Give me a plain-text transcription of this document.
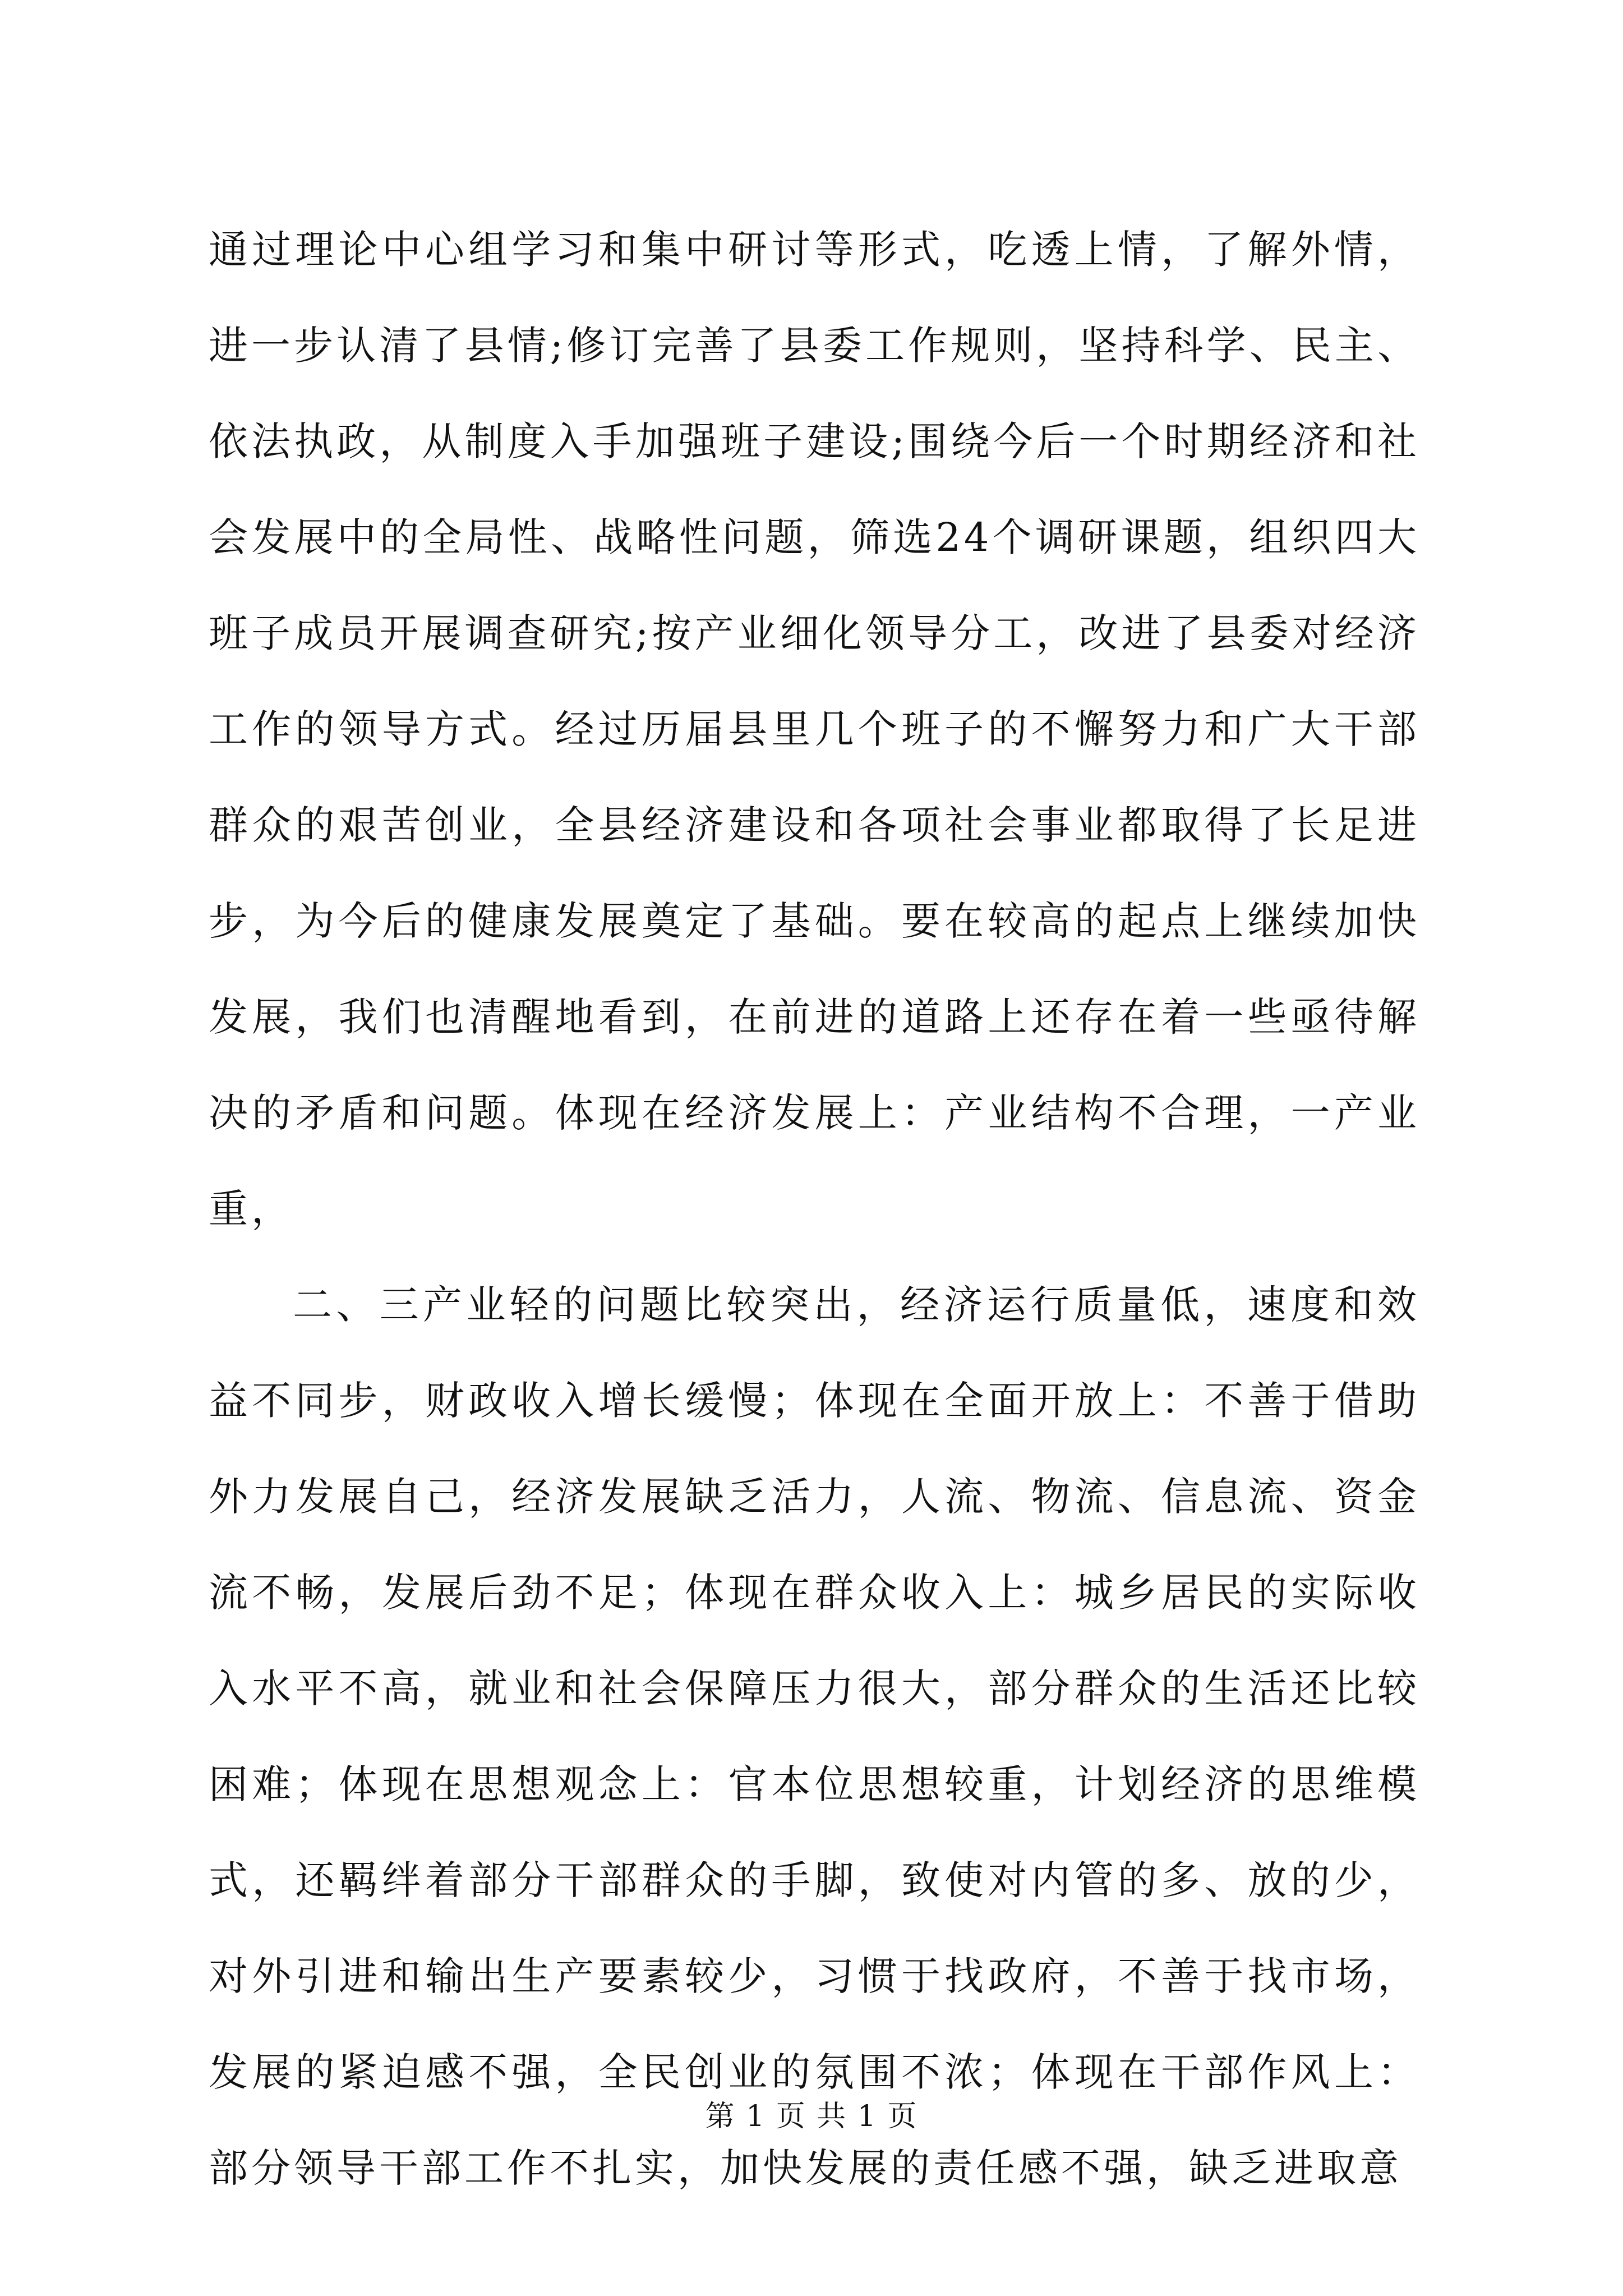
通过理论中心组学习和集中研讨等形式，吃透上情，了解外情，进一步认清了县情;修订完善了县委工作规则，坚持科学、民主、依法执政，从制度入手加强班子建设;围绕今后一个时期经济和社会发展中的全局性、战略性问题，筛选24个调研课题，组织四大班子成员开展调查研究;按产业细化领导分工，改进了县委对经济工作的领导方式。经过历届县里几个班子的不懈努力和广大干部群众的艰苦创业，全县经济建设和各项社会事业都取得了长足进步，为今后的健康发展奠定了基础。要在较高的起点上继续加快发展，我们也清醒地看到，在前进的道路上还存在着一些亟待解决的矛盾和问题。体现在经济发展上：产业结构不合理，一产业重，

二、三产业轻的问题比较突出，经济运行质量低，速度和效益不同步，财政收入增长缓慢；体现在全面开放上：不善于借助外力发展自己，经济发展缺乏活力，人流、物流、信息流、资金流不畅，发展后劲不足；体现在群众收入上：城乡居民的实际收入水平不高，就业和社会保障压力很大，部分群众的生活还比较困难；体现在思想观念上：官本位思想较重，计划经济的思维模式，还羁绊着部分干部群众的手脚，致使对内管的多、放的少，对外引进和输出生产要素较少，习惯于找政府，不善于找市场，发展的紧迫感不强，全民创业的氛围不浓；体现在干部作风上：部分领导干部工作不扎实，加快发展的责任感不强，缺乏进取意

第 1 页 共 1 页
